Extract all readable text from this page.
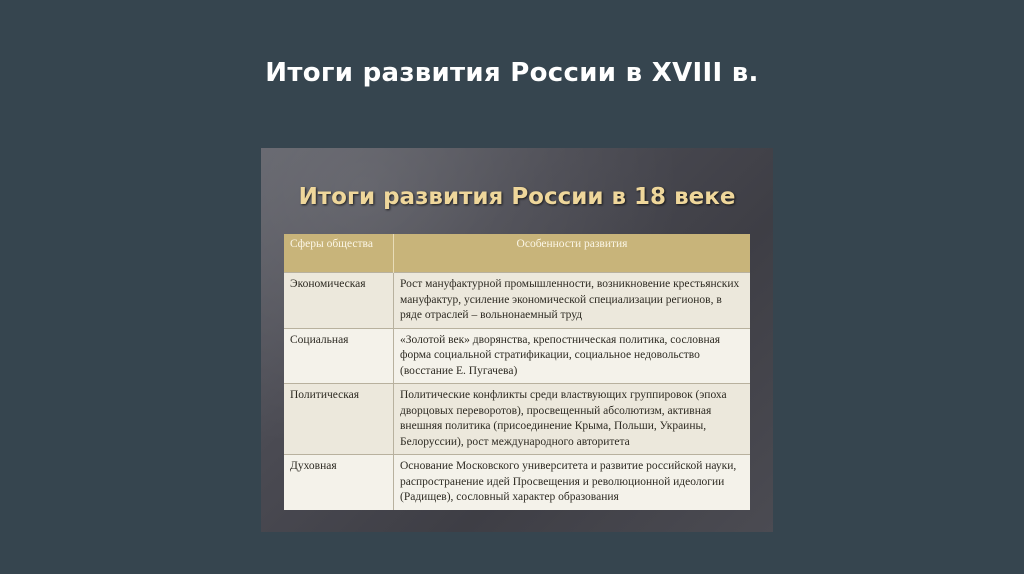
Итоги развития России в XVIII в.
Итоги развития России в 18 веке
Сферы общества	Особенности развития
Экономическая	Рост мануфактурной промышленности, возникновение крестьянских мануфактур, усиление экономической специализации регионов, в ряде отраслей – вольнонаемный труд
Социальная	«Золотой век» дворянства, крепостническая политика, сословная форма социальной стратификации, социальное недовольство (восстание Е. Пугачева)
Политическая	Политические конфликты среди властвующих группировок (эпоха дворцовых переворотов), просвещенный абсолютизм, активная внешняя политика (присоединение Крыма, Польши, Украины, Белоруссии), рост международного авторитета
Духовная	Основание Московского университета и развитие российской науки, распространение идей Просвещения и революционной идеологии (Радищев), сословный характер образования
